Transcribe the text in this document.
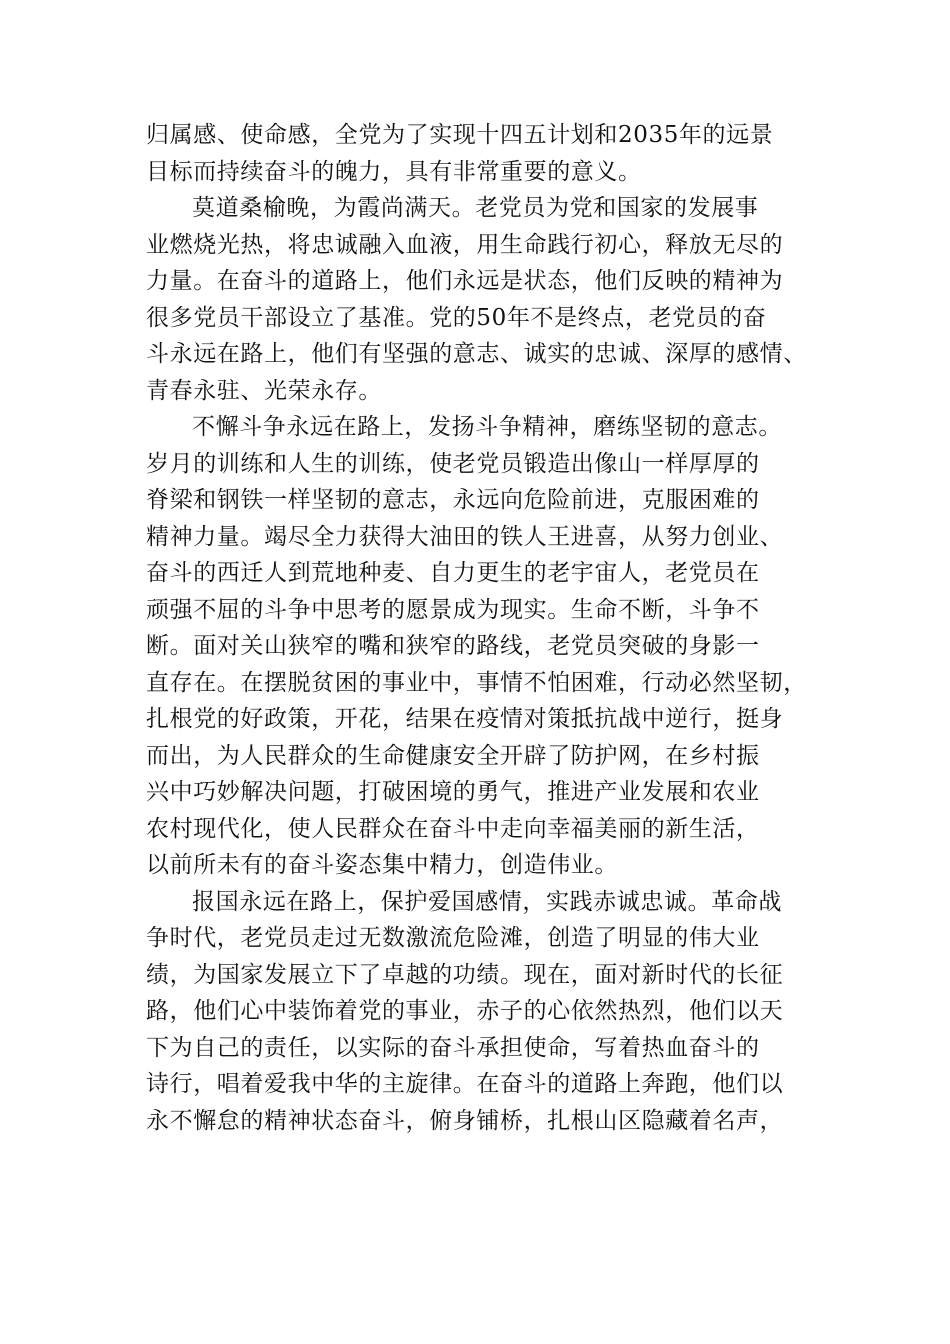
归属感、使命感，全党为了实现十四五计划和2035年的远景
目标而持续奋斗的魄力，具有非常重要的意义。
莫道桑榆晚，为霞尚满天。老党员为党和国家的发展事
业燃烧光热，将忠诚融入血液，用生命践行初心，释放无尽的
力量。在奋斗的道路上，他们永远是状态，他们反映的精神为
很多党员干部设立了基准。党的50年不是终点，老党员的奋
斗永远在路上，他们有坚强的意志、诚实的忠诚、深厚的感情、
青春永驻、光荣永存。
不懈斗争永远在路上，发扬斗争精神，磨练坚韧的意志。
岁月的训练和人生的训练，使老党员锻造出像山一样厚厚的
脊梁和钢铁一样坚韧的意志，永远向危险前进，克服困难的
精神力量。竭尽全力获得大油田的铁人王进喜，从努力创业、
奋斗的西迁人到荒地种麦、自力更生的老宇宙人，老党员在
顽强不屈的斗争中思考的愿景成为现实。生命不断，斗争不
断。面对关山狭窄的嘴和狭窄的路线，老党员突破的身影一
直存在。在摆脱贫困的事业中，事情不怕困难，行动必然坚韧，
扎根党的好政策，开花，结果在疫情对策抵抗战中逆行，挺身
而出，为人民群众的生命健康安全开辟了防护网，在乡村振
兴中巧妙解决问题，打破困境的勇气，推进产业发展和农业
农村现代化，使人民群众在奋斗中走向幸福美丽的新生活，
以前所未有的奋斗姿态集中精力，创造伟业。
报国永远在路上，保护爱国感情，实践赤诚忠诚。革命战
争时代，老党员走过无数激流危险滩，创造了明显的伟大业
绩，为国家发展立下了卓越的功绩。现在，面对新时代的长征
路，他们心中装饰着党的事业，赤子的心依然热烈，他们以天
下为自己的责任，以实际的奋斗承担使命，写着热血奋斗的
诗行，唱着爱我中华的主旋律。在奋斗的道路上奔跑，他们以
永不懈怠的精神状态奋斗，俯身铺桥，扎根山区隐藏着名声，
